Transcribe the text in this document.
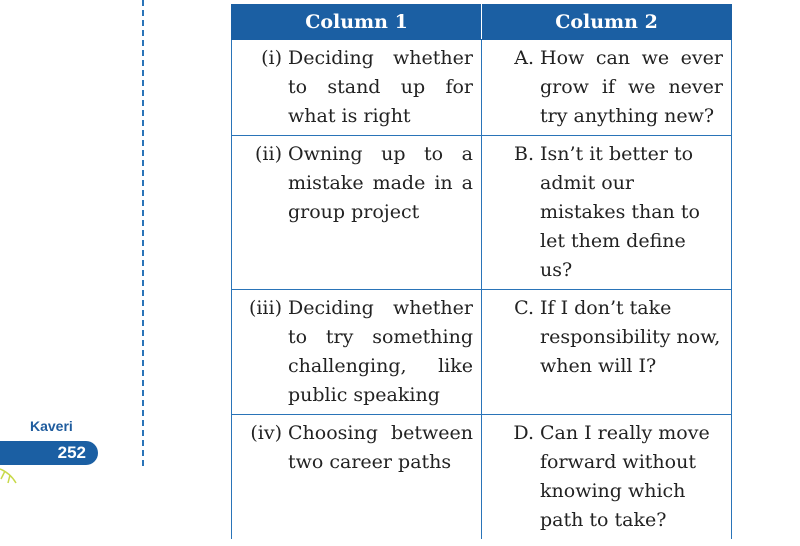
Kaveri
252
Column 1	Column 2

(i) Deciding whether to stand up for what is right	A. How can we ever grow if we never try anything new?

(ii) Owning up to a mistake made in a group project	B. Isn’t it better to admit our mistakes than to let them define us?

(iii) Deciding whether to try something challenging, like public speaking	C. If I don’t take responsibility now, when will I?

(iv) Choosing between two career paths	D. Can I really move forward without knowing which path to take?
